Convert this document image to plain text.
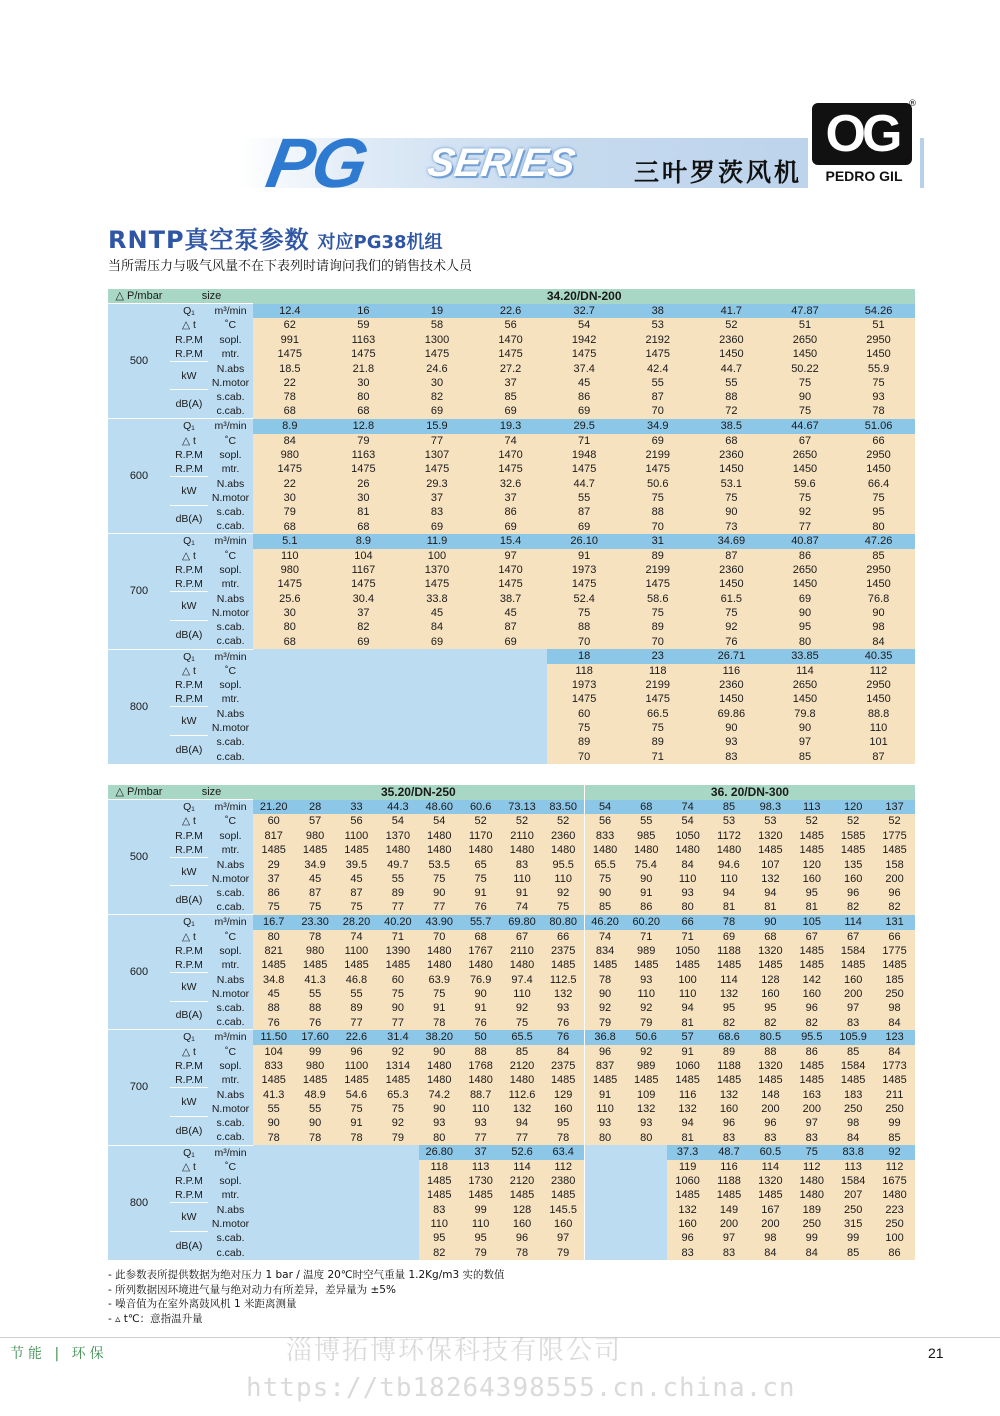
PG SERIES 三叶罗茨风机
OG
®
PEDRO GIL
RNTP真空泵参数 对应PG38机组
当所需压力与吸气风量不在下表列时请询问我们的销售技术人员
△ P/mbar	size		34.20/DN-200								
500	Q₁	m³/min	12.4	16	19	22.6	32.7	38	41.7	47.87	54.26
	△ t	˚C	62	59	58	56	54	53	52	51	51
	R.P.M	sopl.	991	1163	1300	1470	1942	2192	2360	2650	2950
	R.P.M	mtr.	1475	1475	1475	1475	1475	1475	1450	1450	1450
	kW	N.abs	18.5	21.8	24.6	27.2	37.4	42.4	44.7	50.22	55.9
		N.motor	22	30	30	37	45	55	55	75	75
	dB(A)	s.cab.	78	80	82	85	86	87	88	90	93
		c.cab.	68	68	69	69	69	70	72	75	78
600	Q₁	m³/min	8.9	12.8	15.9	19.3	29.5	34.9	38.5	44.67	51.06
	△ t	˚C	84	79	77	74	71	69	68	67	66
	R.P.M	sopl.	980	1163	1307	1470	1948	2199	2360	2650	2950
	R.P.M	mtr.	1475	1475	1475	1475	1475	1475	1450	1450	1450
	kW	N.abs	22	26	29.3	32.6	44.7	50.6	53.1	59.6	66.4
		N.motor	30	30	37	37	55	75	75	75	75
	dB(A)	s.cab.	79	81	83	86	87	88	90	92	95
		c.cab.	68	68	69	69	69	70	73	77	80
700	Q₁	m³/min	5.1	8.9	11.9	15.4	26.10	31	34.69	40.87	47.26
	△ t	˚C	110	104	100	97	91	89	87	86	85
	R.P.M	sopl.	980	1167	1370	1470	1973	2199	2360	2650	2950
	R.P.M	mtr.	1475	1475	1475	1475	1475	1475	1450	1450	1450
	kW	N.abs	25.6	30.4	33.8	38.7	52.4	58.6	61.5	69	76.8
		N.motor	30	37	45	45	75	75	75	90	90
	dB(A)	s.cab.	80	82	84	87	88	89	92	95	98
		c.cab.	68	69	69	69	70	70	76	80	84
800	Q₁	m³/min					18	23	26.71	33.85	40.35
	△ t	˚C					118	118	116	114	112
	R.P.M	sopl.					1973	2199	2360	2650	2950
	R.P.M	mtr.					1475	1475	1450	1450	1450
	kW	N.abs					60	66.5	69.86	79.8	88.8
		N.motor					75	75	90	90	110
	dB(A)	s.cab.					89	89	93	97	101
		c.cab.					70	71	83	85	87
△ P/mbar	size		35.20/DN-250								36. 20/DN-300							
500	Q₁	m³/min	21.20	28	33	44.3	48.60	60.6	73.13	83.50	54	68	74	85	98.3	113	120	137
	△ t	˚C	60	57	56	54	54	52	52	52	56	55	54	53	53	52	52	52
	R.P.M	sopl.	817	980	1100	1370	1480	1170	2110	2360	833	985	1050	1172	1320	1485	1585	1775
	R.P.M	mtr.	1485	1485	1485	1480	1480	1480	1480	1480	1480	1480	1480	1480	1485	1485	1485	1485
	kW	N.abs	29	34.9	39.5	49.7	53.5	65	83	95.5	65.5	75.4	84	94.6	107	120	135	158
		N.motor	37	45	45	55	75	75	110	110	75	90	110	110	132	160	160	200
	dB(A)	s.cab.	86	87	87	89	90	91	91	92	90	91	93	94	94	95	96	96
		c.cab.	75	75	75	77	77	76	74	75	85	86	80	81	81	81	82	82
600	Q₁	m³/min	16.7	23.30	28.20	40.20	43.90	55.7	69.80	80.80	46.20	60.20	66	78	90	105	114	131
	△ t	˚C	80	78	74	71	70	68	67	66	74	71	71	69	68	67	67	66
	R.P.M	sopl.	821	980	1100	1390	1480	1767	2110	2375	834	989	1050	1188	1320	1485	1584	1775
	R.P.M	mtr.	1485	1485	1485	1485	1480	1480	1480	1485	1485	1485	1485	1485	1485	1485	1485	1485
	kW	N.abs	34.8	41.3	46.8	60	63.9	76.9	97.4	112.5	78	93	100	114	128	142	160	185
		N.motor	45	55	55	75	75	90	110	132	90	110	110	132	160	160	200	250
	dB(A)	s.cab.	88	88	89	90	91	91	92	93	92	92	94	95	95	96	97	98
		c.cab.	76	76	77	77	78	76	75	76	79	79	81	82	82	82	83	84
700	Q₁	m³/min	11.50	17.60	22.6	31.4	38.20	50	65.5	76	36.8	50.6	57	68.6	80.5	95.5	105.9	123
	△ t	˚C	104	99	96	92	90	88	85	84	96	92	91	89	88	86	85	84
	R.P.M	sopl.	833	980	1100	1314	1480	1768	2120	2375	837	989	1060	1188	1320	1485	1584	1773
	R.P.M	mtr.	1485	1485	1485	1485	1480	1480	1480	1485	1485	1485	1485	1485	1485	1485	1485	1485
	kW	N.abs	41.3	48.9	54.6	65.3	74.2	88.7	112.6	129	91	109	116	132	148	163	183	211
		N.motor	55	55	75	75	90	110	132	160	110	132	132	160	200	200	250	250
	dB(A)	s.cab.	90	90	91	92	93	93	94	95	93	93	94	96	96	97	98	99
		c.cab.	78	78	78	79	80	77	77	78	80	80	81	83	83	83	84	85
800	Q₁	m³/min					26.80	37	52.6	63.4			37.3	48.7	60.5	75	83.8	92
	△ t	˚C					118	113	114	112			119	116	114	112	113	112
	R.P.M	sopl.					1485	1730	2120	2380			1060	1188	1320	1480	1584	1675
	R.P.M	mtr.					1485	1485	1485	1485			1485	1485	1485	1480	207	1480
	kW	N.abs					83	99	128	145.5			132	149	167	189	250	223
		N.motor					110	110	160	160			160	200	200	250	315	250
	dB(A)	s.cab.					95	95	96	97			96	97	98	99	99	100
		c.cab.					82	79	78	79			83	83	84	84	85	86
- 此参数表所提供数据为绝对压力 1 bar / 温度 20℃时空气重量 1.2Kg/m3 实的数值
- 所列数据因环境进气量与绝对动力有所差异，差异量为 ±5%
- 噪音值为在室外离鼓风机 1 米距离测量
- ▵ t℃：意指温升量
节能 | 环保	21
淄博拓博环保科技有限公司
https://tb18264398555.cn.china.cn
